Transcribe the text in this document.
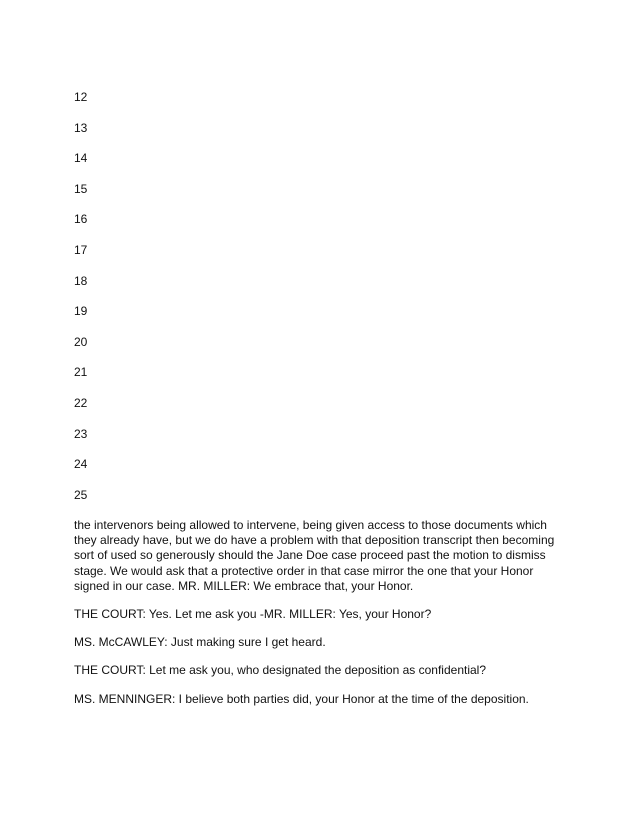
12
13
14
15
16
17
18
19
20
21
22
23
24
25

the intervenors being allowed to intervene, being given access to those documents which they already have, but we do have a problem with that deposition transcript then becoming sort of used so generously should the Jane Doe case proceed past the motion to dismiss stage. We would ask that a protective order in that case mirror the one that your Honor signed in our case. MR. MILLER: We embrace that, your Honor.

THE COURT: Yes. Let me ask you -MR. MILLER: Yes, your Honor?

MS. McCAWLEY: Just making sure I get heard.

THE COURT: Let me ask you, who designated the deposition as confidential?

MS. MENNINGER: I believe both parties did, your Honor at the time of the deposition.
